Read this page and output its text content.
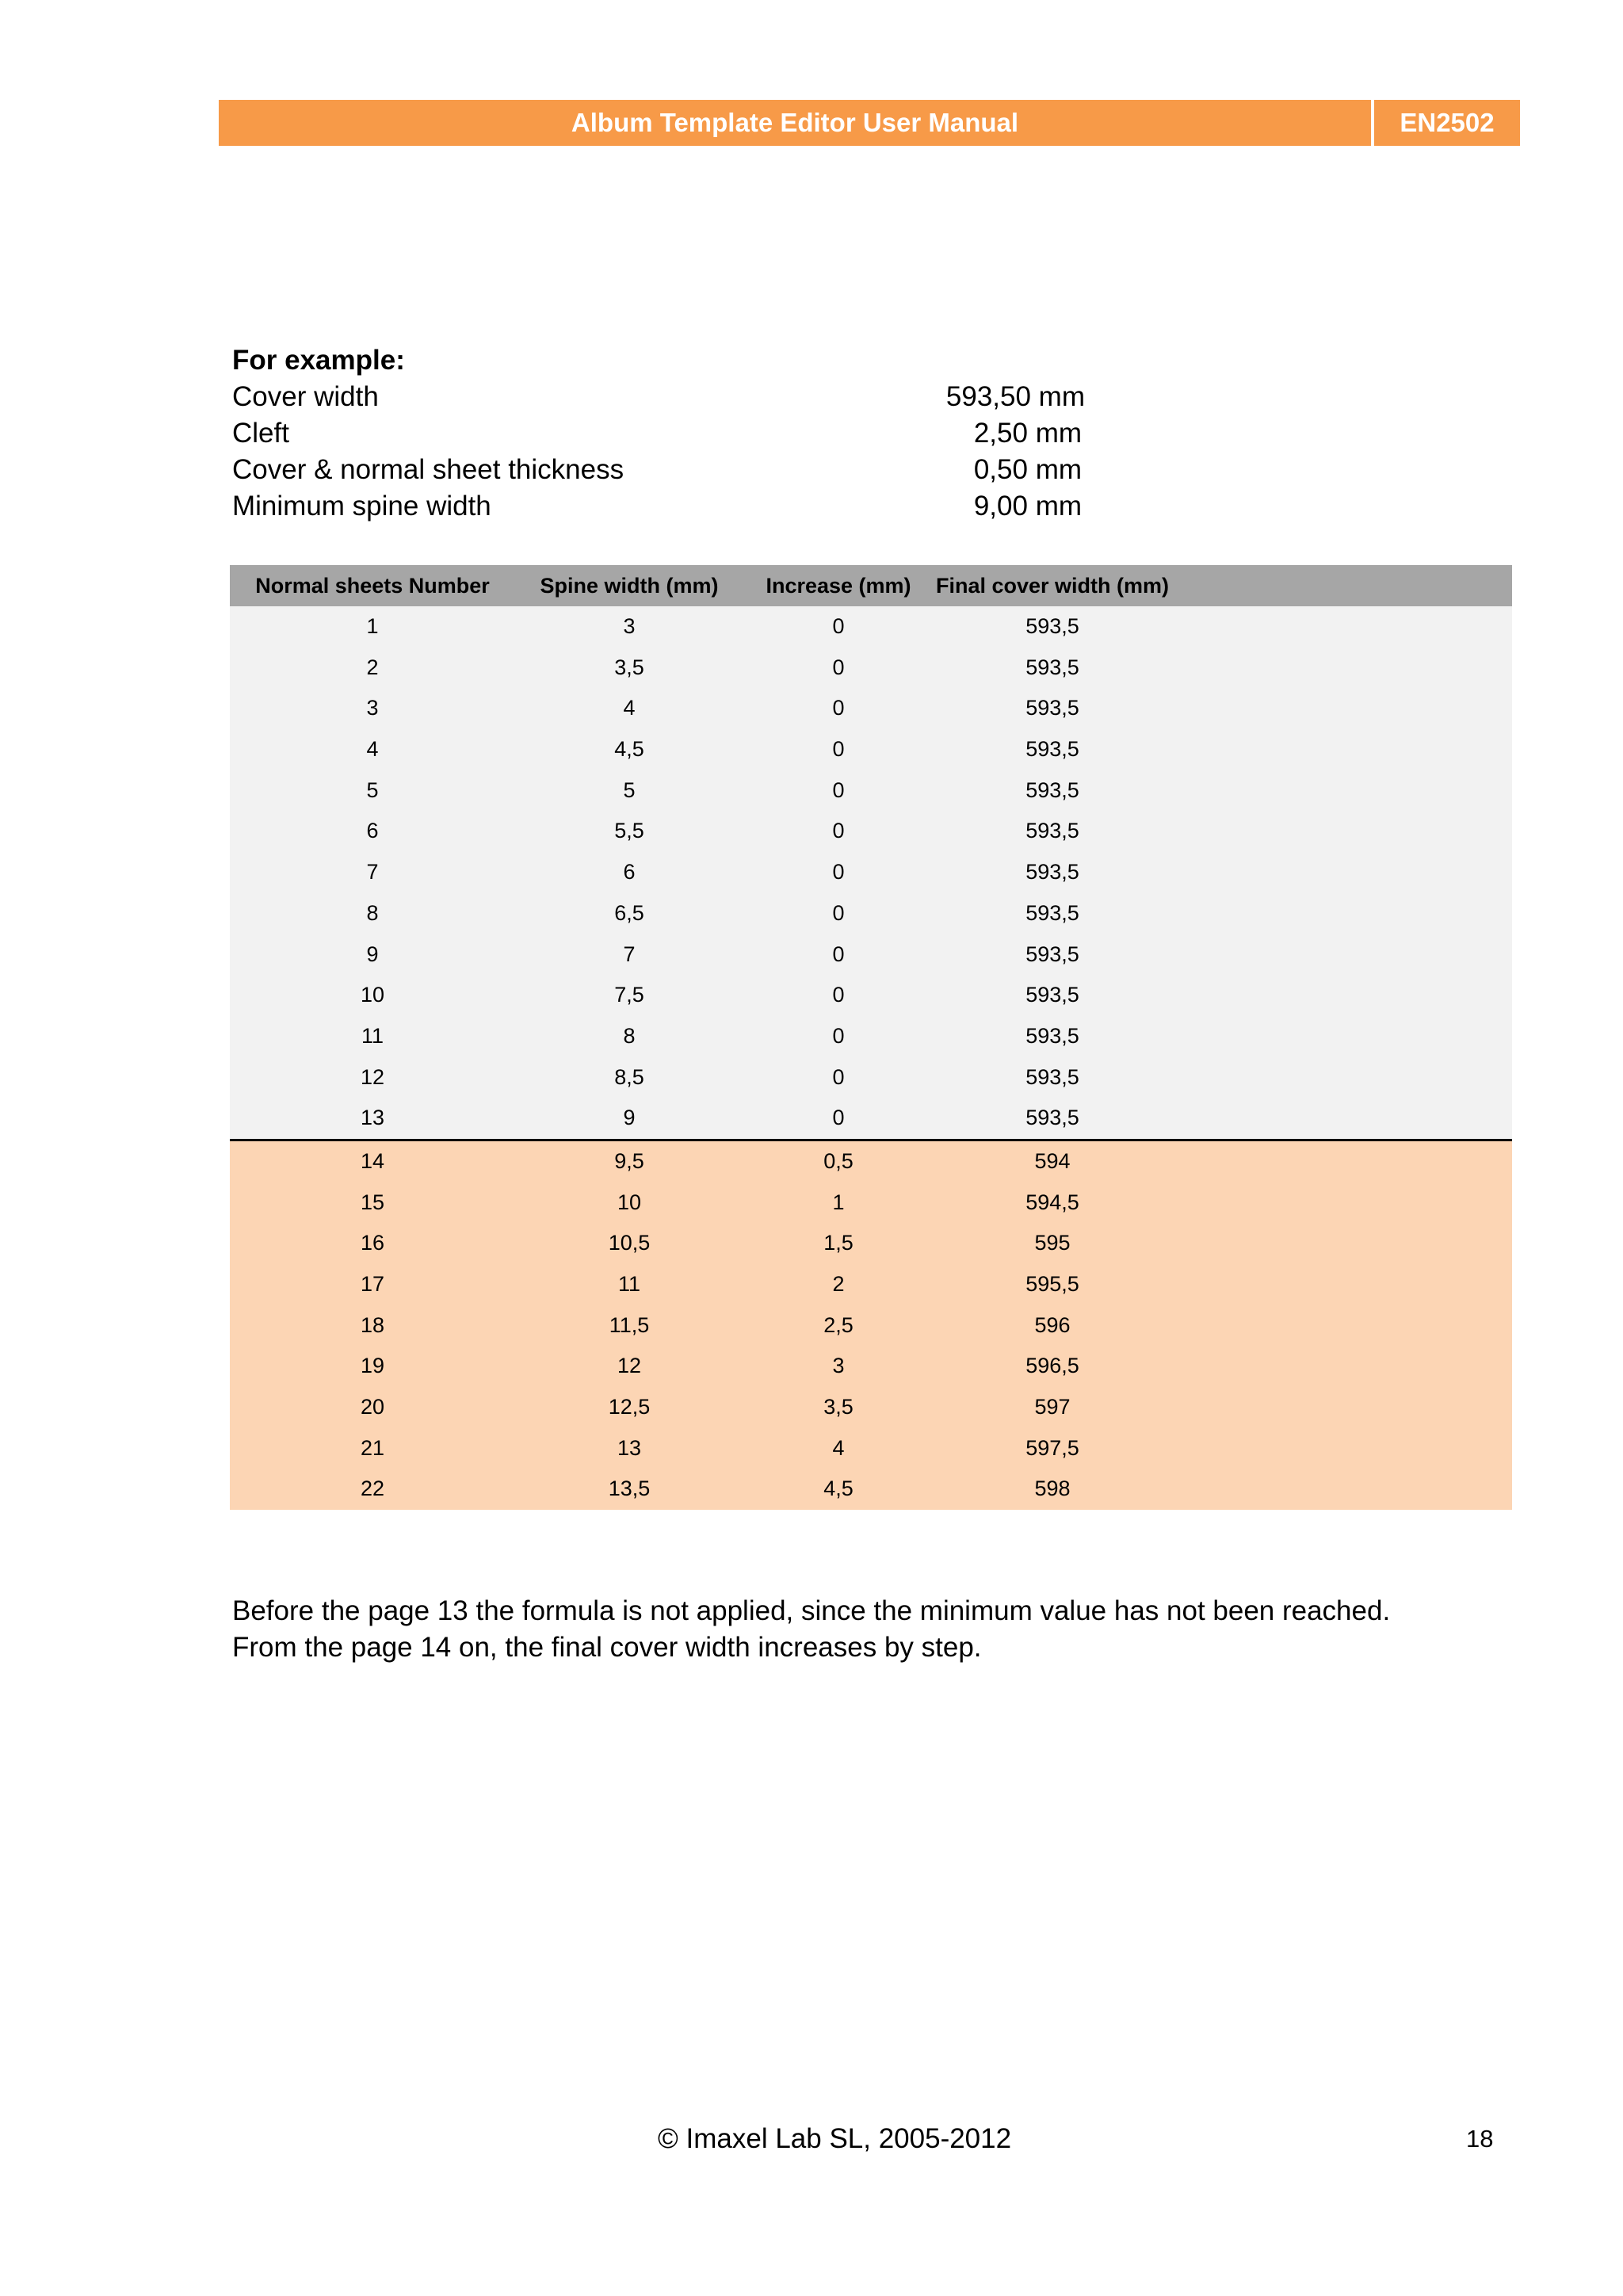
Album Template Editor User Manual	EN2502
For example:
Cover width	593,50 mm
Cleft	2,50 mm
Cover & normal sheet thickness	0,50 mm
Minimum spine width	9,00 mm
Normal sheets Number	Spine width (mm)	Increase (mm)	Final cover width (mm)
1	3	0	593,5
2	3,5	0	593,5
3	4	0	593,5
4	4,5	0	593,5
5	5	0	593,5
6	5,5	0	593,5
7	6	0	593,5
8	6,5	0	593,5
9	7	0	593,5
10	7,5	0	593,5
11	8	0	593,5
12	8,5	0	593,5
13	9	0	593,5
14	9,5	0,5	594
15	10	1	594,5
16	10,5	1,5	595
17	11	2	595,5
18	11,5	2,5	596
19	12	3	596,5
20	12,5	3,5	597
21	13	4	597,5
22	13,5	4,5	598
Before the page 13 the formula is not applied, since the minimum value has not been reached.
From the page 14 on, the final cover width increases by step.
© Imaxel Lab SL, 2005-2012	18
